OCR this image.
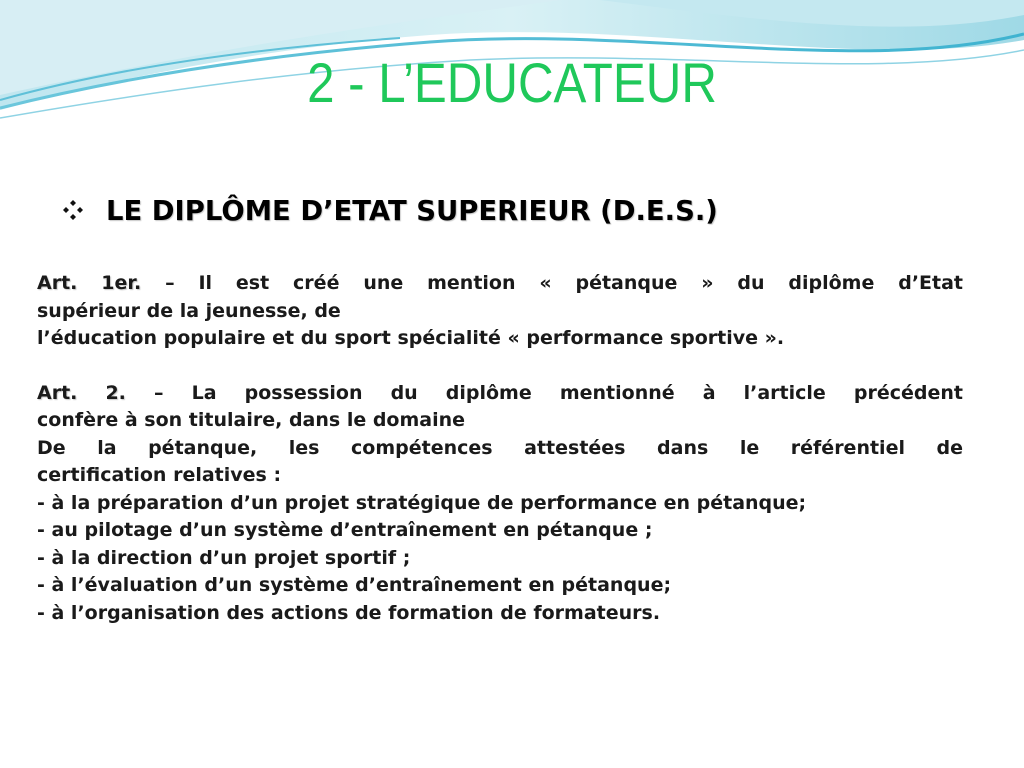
2 - L’EDUCATEUR
LE DIPLÔME D’ETAT SUPERIEUR (D.E.S.)
Art. 1er. – Il est créé une mention « pétanque » du diplôme d’Etat
supérieur de la jeunesse, de
l’éducation populaire et du sport spécialité « performance sportive ».
Art. 2. – La possession du diplôme mentionné à l’article précédent
confère à son titulaire, dans le domaine
De la pétanque, les compétences attestées dans le référentiel de
certification relatives :
- à la préparation d’un projet stratégique de performance en pétanque;
- au pilotage d’un système d’entraînement en pétanque ;
- à la direction d’un projet sportif ;
- à l’évaluation d’un système d’entraînement en pétanque;
- à l’organisation des actions de formation de formateurs.
